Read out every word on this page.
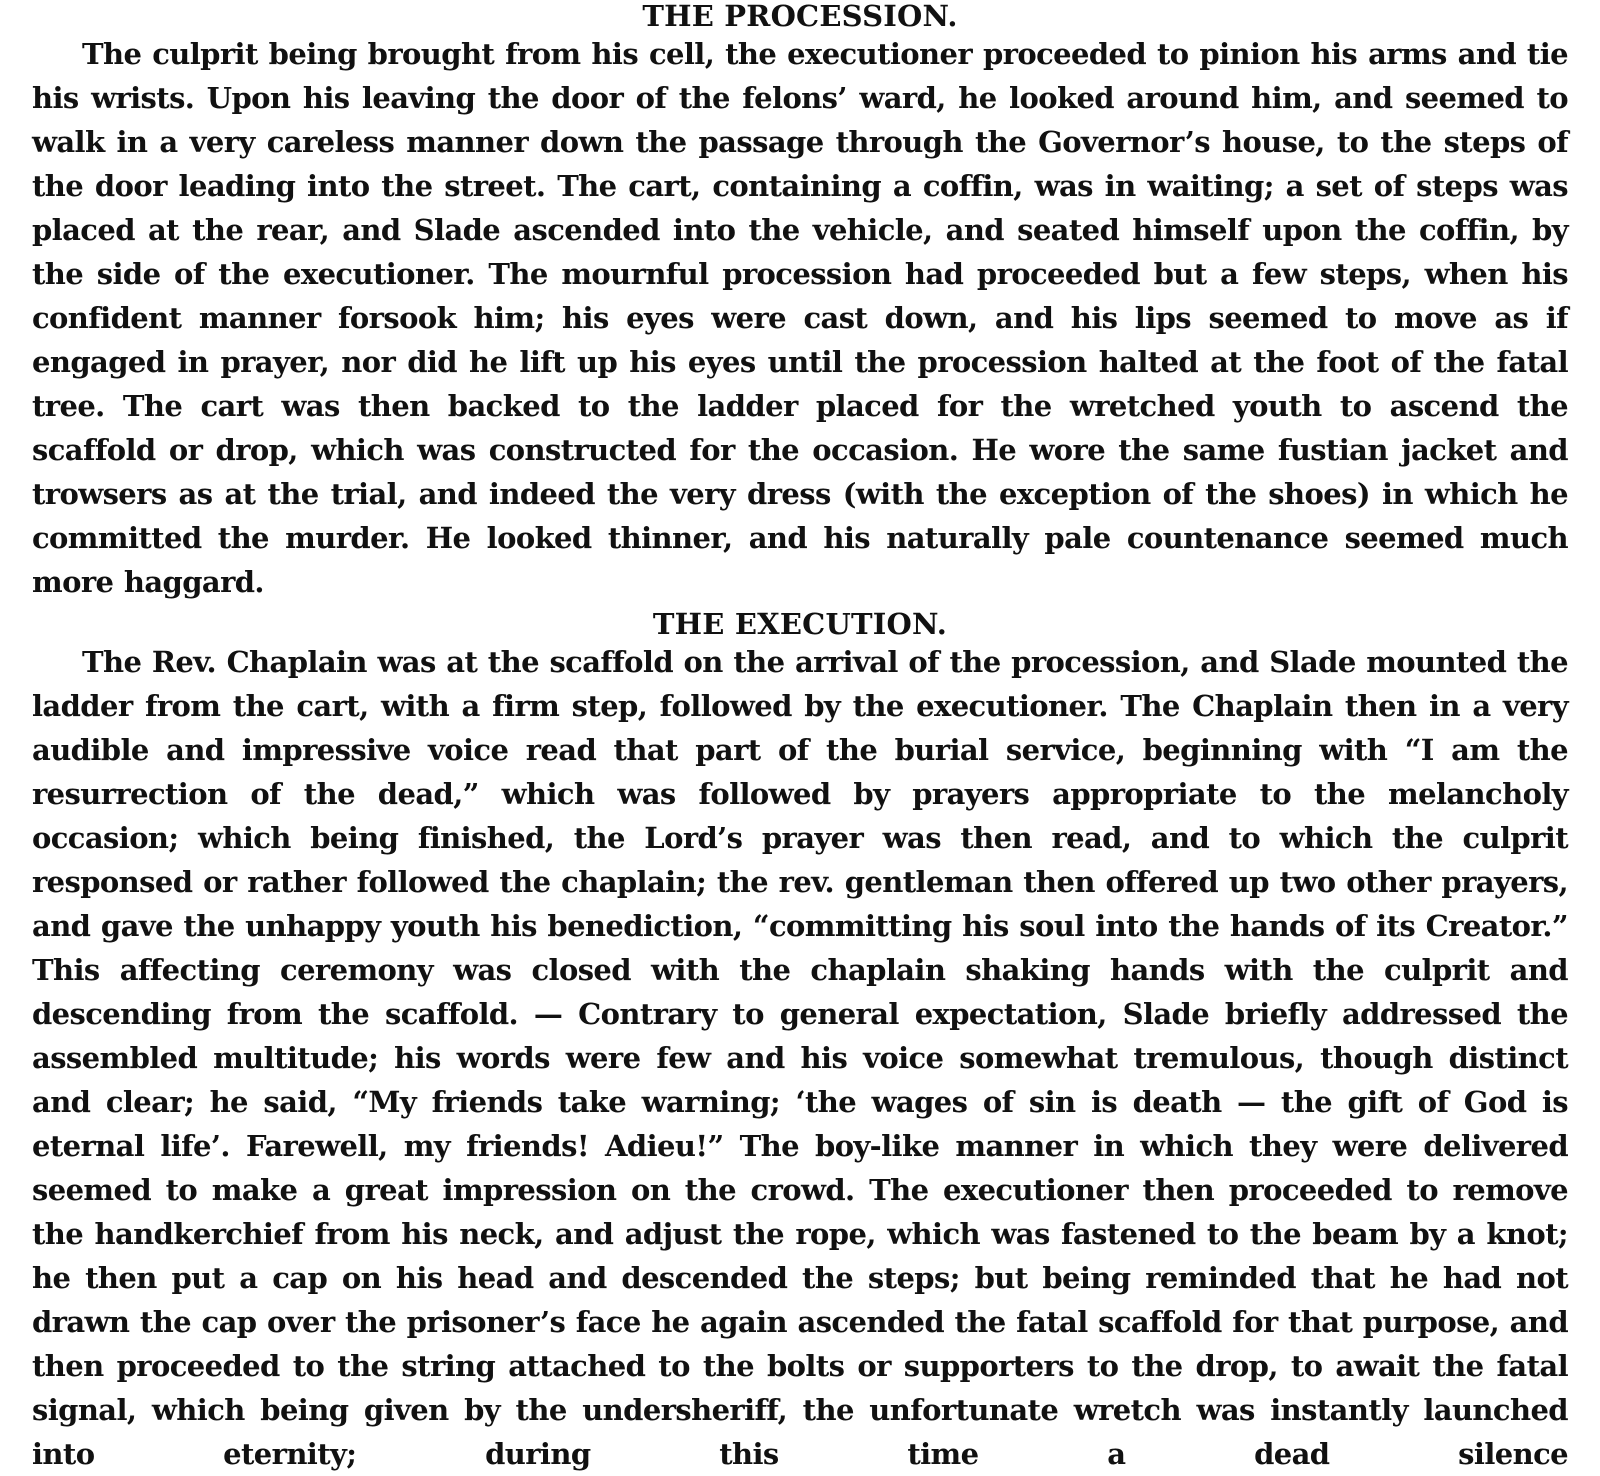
THE PROCESSION.

The culprit being brought from his cell, the executioner proceeded to pinion his arms and tie his wrists. Upon his leaving the door of the felons’ ward, he looked around him, and seemed to walk in a very careless manner down the passage through the Governor’s house, to the steps of the door leading into the street. The cart, containing a coffin, was in waiting; a set of steps was placed at the rear, and Slade ascended into the vehicle, and seated himself upon the coffin, by the side of the executioner. The mournful procession had proceeded but a few steps, when his confident manner forsook him; his eyes were cast down, and his lips seemed to move as if engaged in prayer, nor did he lift up his eyes until the procession halted at the foot of the fatal tree. The cart was then backed to the ladder placed for the wretched youth to ascend the scaffold or drop, which was constructed for the occasion. He wore the same fustian jacket and trowsers as at the trial, and indeed the very dress (with the exception of the shoes) in which he committed the murder. He looked thinner, and his naturally pale countenance seemed much more haggard.

THE EXECUTION.

The Rev. Chaplain was at the scaffold on the arrival of the procession, and Slade mounted the ladder from the cart, with a firm step, followed by the executioner. The Chaplain then in a very audible and impressive voice read that part of the burial service, beginning with “I am the resurrection of the dead,” which was followed by prayers appropriate to the melancholy occasion; which being finished, the Lord’s prayer was then read, and to which the culprit responsed or rather followed the chaplain; the rev. gentleman then offered up two other prayers, and gave the unhappy youth his benediction, “committing his soul into the hands of its Creator.” This affecting ceremony was closed with the chaplain shaking hands with the culprit and descending from the scaffold. — Contrary to general expectation, Slade briefly addressed the assembled multitude; his words were few and his voice somewhat tremulous, though distinct and clear; he said, “My friends take warning; ‘the wages of sin is death — the gift of God is eternal life’. Farewell, my friends! Adieu!” The boy-like manner in which they were delivered seemed to make a great impression on the crowd. The executioner then proceeded to remove the handkerchief from his neck, and adjust the rope, which was fastened to the beam by a knot; he then put a cap on his head and descended the steps; but being reminded that he had not drawn the cap over the prisoner’s face he again ascended the fatal scaffold for that purpose, and then proceeded to the string attached to the bolts or supporters to the drop, to await the fatal signal, which being given by the undersheriff, the unfortunate wretch was instantly launched into eternity; during this time a dead silence
